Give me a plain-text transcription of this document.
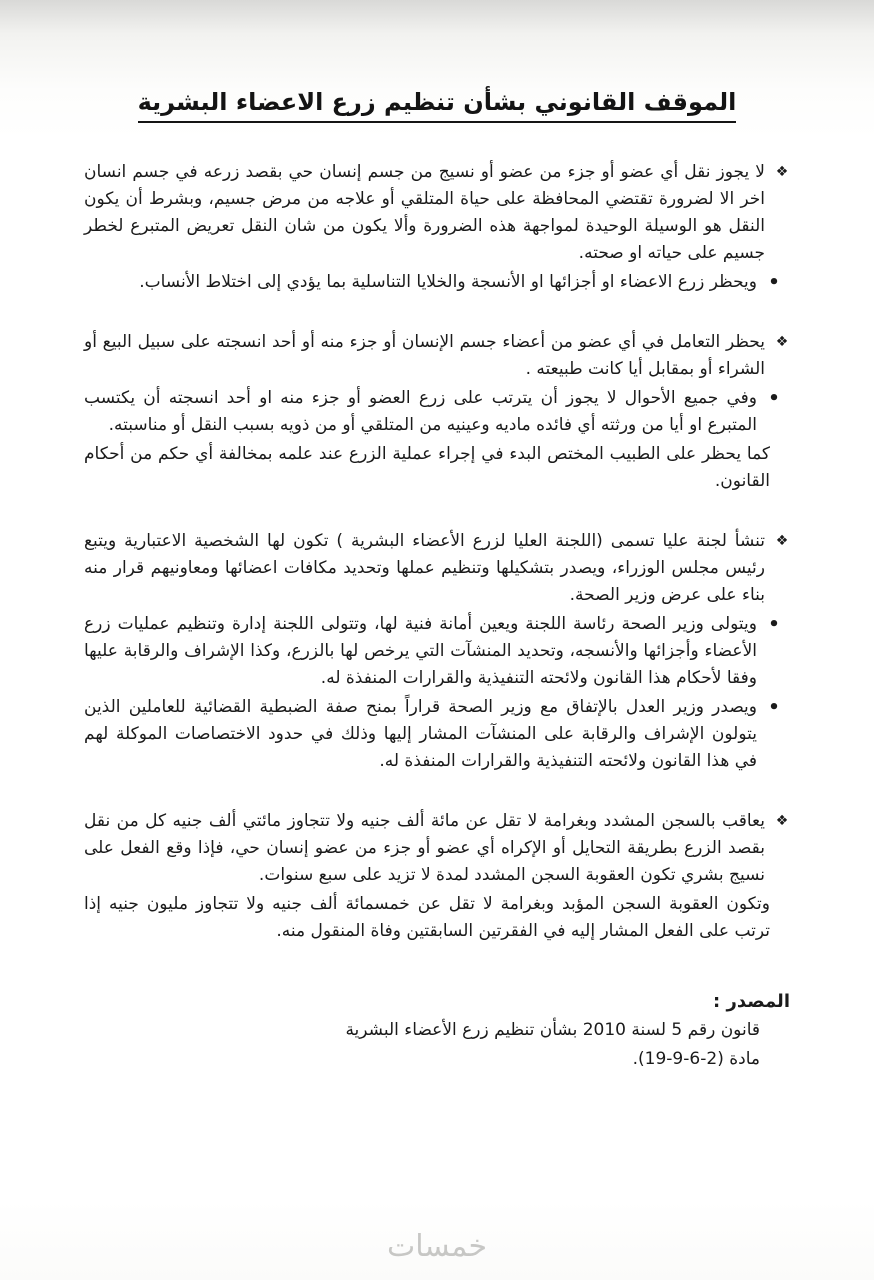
الموقف القانوني بشأن تنظيم زرع الاعضاء البشرية
❖

لا يجوز نقل أي عضو أو جزء من عضو أو نسيج من جسم إنسان حي بقصد زرعه في جسم انسان اخر الا لضرورة تقتضي المحافظة على حياة المتلقي أو علاجه من مرض جسيم، وبشرط أن يكون النقل هو الوسيلة الوحيدة لمواجهة هذه الضرورة وألا يكون من شان النقل تعريض المتبرع لخطر جسيم على حياته او صحته.

•

ويحظر زرع الاعضاء او أجزائها او الأنسجة والخلايا التناسلية بما يؤدي إلى اختلاط الأنساب.

❖

يحظر التعامل في أي عضو من أعضاء جسم الإنسان أو جزء منه أو أحد انسجته على سبيل البيع أو الشراء أو بمقابل أيا كانت طبيعته .

•

وفي جميع الأحوال لا يجوز أن يترتب على زرع العضو أو جزء منه او أحد انسجته أن يكتسب المتبرع او أيا من ورثته أي فائده ماديه وعينيه من المتلقي أو من ذويه بسبب النقل أو مناسبته.

كما يحظر على الطبيب المختص البدء في إجراء عملية الزرع عند علمه بمخالفة أي حكم من أحكام القانون.

❖

تنشأ لجنة عليا تسمى (اللجنة العليا لزرع الأعضاء البشرية ) تكون لها الشخصية الاعتبارية ويتبع رئيس مجلس الوزراء، ويصدر بتشكيلها وتنظيم عملها وتحديد مكافات اعضائها ومعاونيهم قرار منه بناء على عرض وزير الصحة.

•

ويتولى وزير الصحة رئاسة اللجنة ويعين أمانة فنية لها، وتتولى اللجنة إدارة وتنظيم عمليات زرع الأعضاء وأجزائها والأنسجه، وتحديد المنشآت التي يرخص لها بالزرع، وكذا الإشراف والرقابة عليها وفقا لأحكام هذا القانون ولائحته التنفيذية والقرارات المنفذة له.

•

ويصدر وزير العدل بالإتفاق مع وزير الصحة قراراً بمنح صفة الضبطية القضائية للعاملين الذين يتولون الإشراف والرقابة على المنشآت المشار إليها وذلك في حدود الاختصاصات الموكلة لهم في هذا القانون ولائحته التنفيذية والقرارات المنفذة له.

❖

يعاقب بالسجن المشدد وبغرامة لا تقل عن مائة ألف جنيه ولا تتجاوز مائتي ألف جنيه كل من نقل بقصد الزرع بطريقة التحايل أو الإكراه أي عضو أو جزء من عضو إنسان حي، فإذا وقع الفعل على نسيج بشري تكون العقوبة السجن المشدد لمدة لا تزيد على سبع سنوات.

وتكون العقوبة السجن المؤبد وبغرامة لا تقل عن خمسمائة ألف جنيه ولا تتجاوز مليون جنيه إذا ترتب على الفعل المشار إليه في الفقرتين السابقتين وفاة المنقول منه.

المصدر :

قانون رقم 5 لسنة 2010 بشأن تنظيم زرع الأعضاء البشرية

مادة (2-6-9-19).

خمسات
